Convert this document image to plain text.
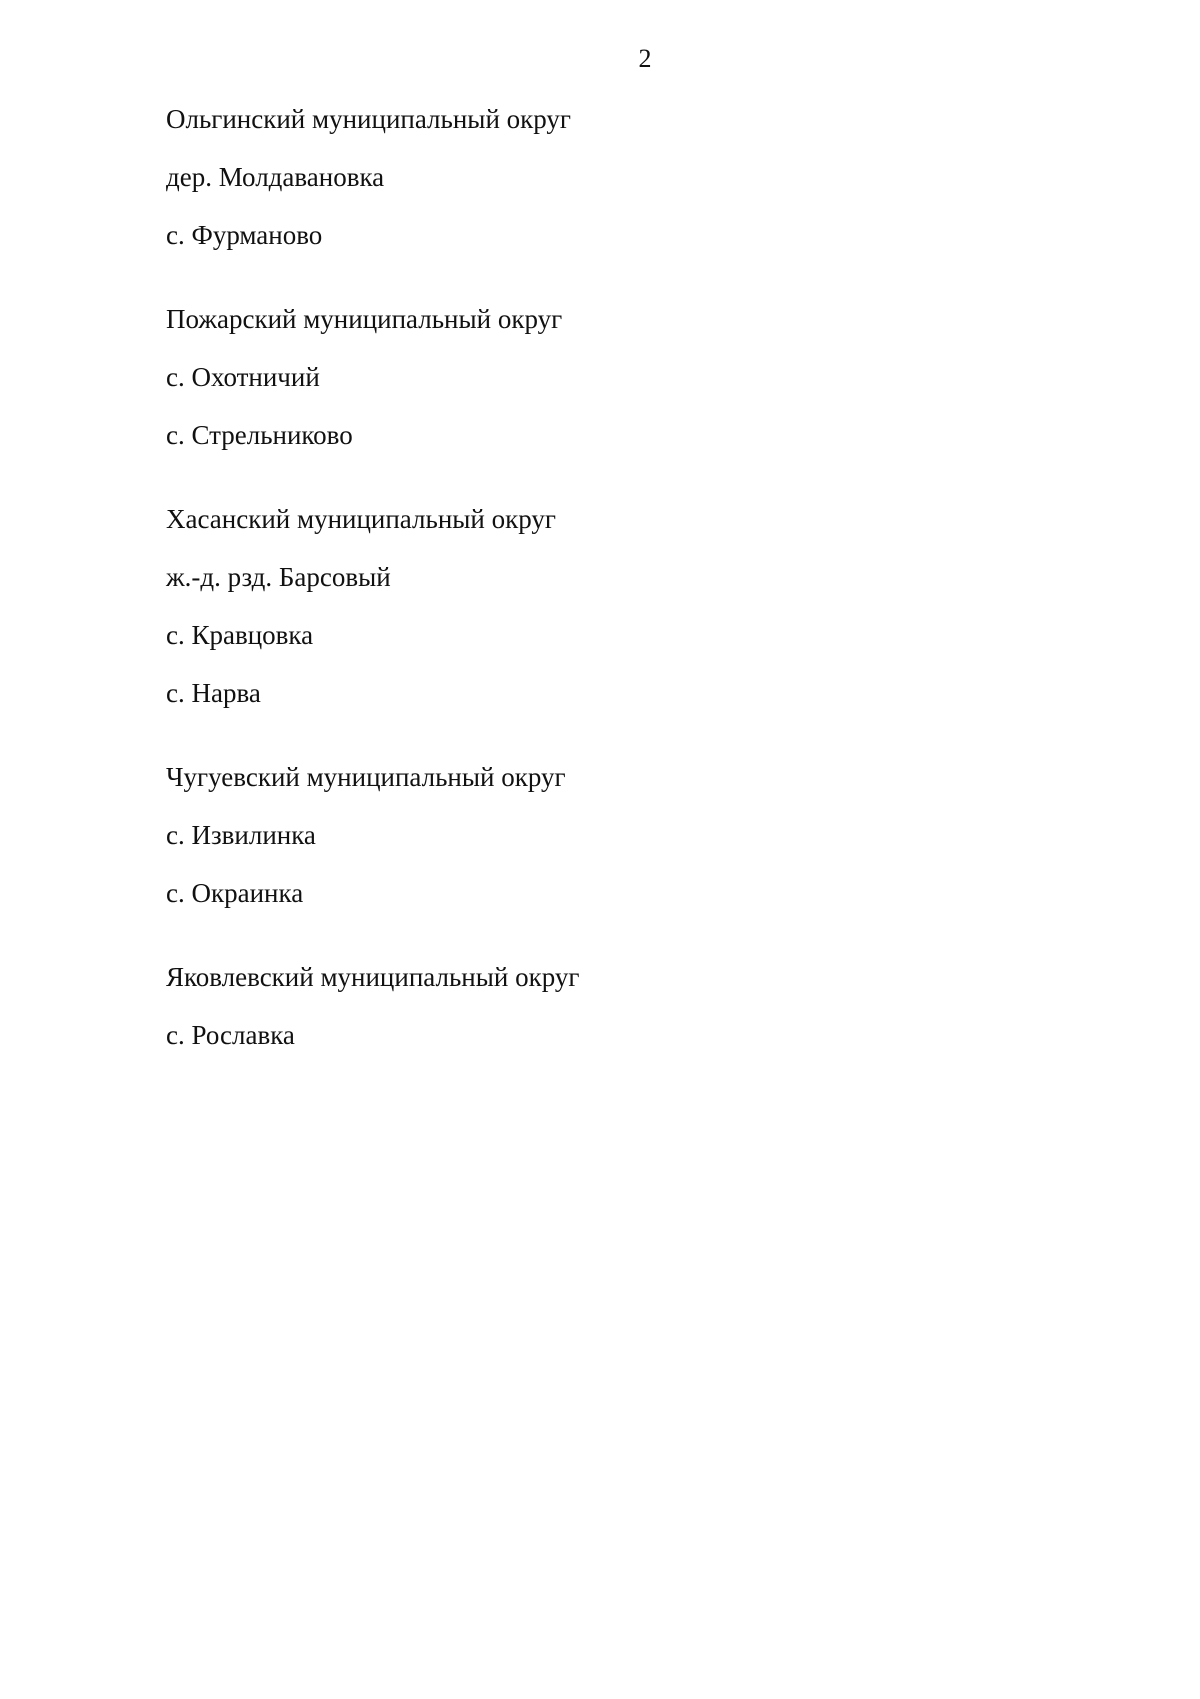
2
Ольгинский муниципальный округ
дер. Молдавановка
с. Фурманово
Пожарский муниципальный округ
с. Охотничий
с. Стрельниково
Хасанский муниципальный округ
ж.-д. рзд. Барсовый
с. Кравцовка
с. Нарва
Чугуевский муниципальный округ
с. Извилинка
с. Окраинка
Яковлевский муниципальный округ
с. Рославка
